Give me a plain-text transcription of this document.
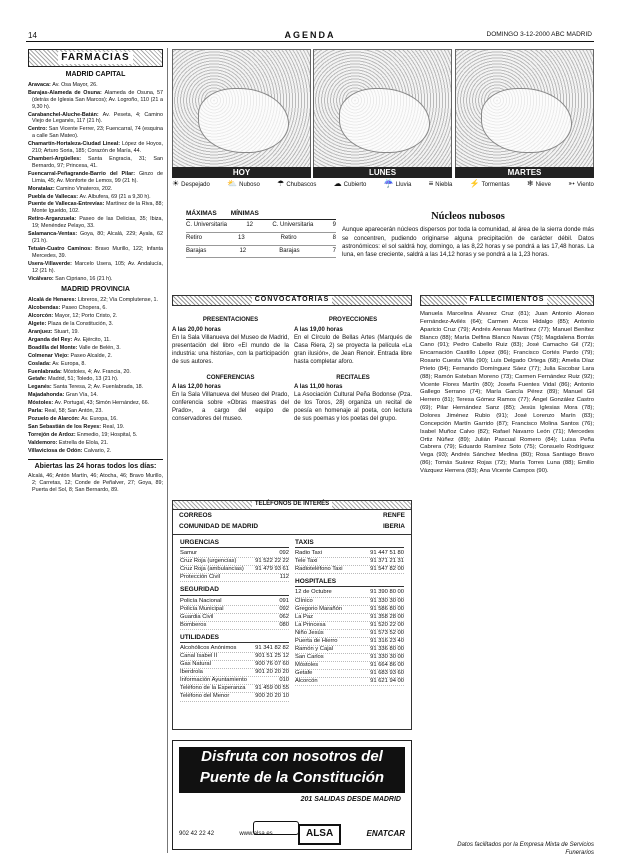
14	AGENDA	DOMINGO 3-12-2000 ABC MADRID
FARMACIAS
MADRID CAPITAL

Aravaca: Av. Osa Mayor, 26.

Barajas-Alameda de Osuna: Alameda de Osuna, 57 (detrás de Iglesia San Marcos); Av. Logroño, 110 (21 a 9,30 h).

Carabanchel-Aluche-Batán: Av. Peseta, 4; Camino Viejo de Leganés, 117 (21 h).

Centro: San Vicente Ferrer, 23; Fuencarral, 74 (esquina a calle San Mateo).

Chamartín-Hortaleza-Ciudad Lineal: López de Hoyos, 210; Arturo Soria, 185; Corazón de María, 44.

Chamberí-Argüelles: Santa Engracia, 31; San Bernardo, 97; Princesa, 41.

Fuencarral-Peñagrande-Barrio del Pilar: Ginzo de Limia, 45; Av. Monforte de Lemos, 99 (21 h).

Moratalaz: Camino Vinateros, 202.

Puebla de Vallecas: Av. Albufera, 69 (21 a 9,30 h).

Puente de Vallecas-Entrevías: Martínez de la Riva, 88; Monte Igueldo, 102.

Retiro-Arganzuela: Paseo de las Delicias, 35; Ibiza, 19; Menéndez Pelayo, 33.

Salamanca-Ventas: Goya, 80; Alcalá, 229; Ayala, 62 (21 h).

Tetuán-Cuatro Caminos: Bravo Murillo, 122; Infanta Mercedes, 39.

Usera-Villaverde: Marcelo Usera, 105; Av. Andalucía, 12 (21 h).

Vicálvaro: San Cipriano, 16 (21 h).

MADRID PROVINCIA

Alcalá de Henares: Libreros, 22; Vía Complutense, 1.

Alcobendas: Paseo Chopera, 6.

Alcorcón: Mayor, 12; Porto Cristo, 2.

Algete: Plaza de la Constitución, 3.

Aranjuez: Stuart, 19.

Arganda del Rey: Av. Ejército, 11.

Boadilla del Monte: Valle de Belén, 3.

Colmenar Viejo: Paseo Alcalde, 2.

Coslada: Av. Europa, 8.

Fuenlabrada: Móstoles, 4; Av. Francia, 20.

Getafe: Madrid, 51; Toledo, 13 (21 h).

Leganés: Santa Teresa, 2; Av. Fuenlabrada, 18.

Majadahonda: Gran Vía, 14.

Móstoles: Av. Portugal, 43; Simón Hernández, 66.

Parla: Real, 58; San Antón, 23.

Pozuelo de Alarcón: Av. Europa, 16.

San Sebastián de los Reyes: Real, 19.

Torrejón de Ardoz: Enmedio, 19; Hospital, 5.

Valdemoro: Estrella de Elola, 21.

Villaviciosa de Odón: Calvario, 2.

Abiertas las 24 horas todos los días:

Alcalá, 46; Antón Martín, 46; Atocha, 46; Bravo Murillo, 2; Carretas, 12; Conde de Peñalver, 27; Goya, 89; Puerta del Sol, 8; San Bernardo, 89.

HOY	LUNES	MARTES
☀ Despejado ⛅ Nuboso ☂ Chubascos ☁ Cubierto ☔ Lluvia ≡ Niebla ⚡ Tormentas ❄ Nieve ➳ Viento
MÁXIMAS MÍNIMAS
C. Universitaria	12	C. Universitaria	9
Retiro	13	Retiro	8
Barajas	12	Barajas	7
Núcleos nubosos

Aunque aparecerán núcleos dispersos por toda la comunidad, al área de la sierra donde más se concentren, pudiendo originarse alguna precipitación de carácter débil. Datos astronómicos: el sol saldrá hoy, domingo, a las 8,22 horas y se pondrá a las 17,48 horas. La luna, en fase creciente, saldrá a las 14,12 horas y se pondrá a la 1,23 horas.

CONVOCATORIAS	FALLECIMIENTOS
PRESENTACIONES
A las 20,00 horas
En la Sala Villanueva del Museo de Madrid, presentación del libro «El mundo de la industria: una historia», con la participación de sus autores.
CONFERENCIAS
A las 12,00 horas
En la Sala Villanueva del Museo del Prado, conferencia sobre «Obras maestras del Prado», a cargo del equipo de conservadores del museo.
PROYECCIONES
A las 19,00 horas
En el Círculo de Bellas Artes (Marqués de Casa Riera, 2) se proyecta la película «La gran ilusión», de Jean Renoir. Entrada libre hasta completar aforo.
RECITALES
A las 11,00 horas
La Asociación Cultural Peña Bodonse (Pza. de los Toros, 28) organiza un recital de poesía en homenaje al poeta, con lectura de sus poemas y los poetas del grupo.
Manuela Marcelina Álvarez Cruz (81); Juan Antonio Alonso Fernández-Avilés (64); Carmen Arcos Hidalgo (85); Antonio Aparicio Cruz (79); Andrés Arenas Martínez (77); Manuel Benítez Blanco (88); María Delfina Blanco Navas (75); Magdalena Borrás Cano (91); Pedro Cabello Ruiz (83); José Camacho Gil (72); Encarnación Castillo López (86); Francisco Cortés Pardo (79); Rosario Cuesta Villa (90); Luis Delgado Ortega (68); Amelia Díaz Prieto (84); Fernando Domínguez Sáez (77); Julia Escobar Lara (88); Ramón Esteban Moreno (73); Carmen Fernández Ruiz (92); Vicente Flores Martín (80); Josefa Fuentes Vidal (86); Antonio Gallego Serrano (74); María García Pérez (89); Manuel Gil Herrero (81); Teresa Gómez Ramos (77); Ángel González Castro (69); Pilar Hernández Sanz (85); Jesús Iglesias Mora (78); Dolores Jiménez Rubio (91); José Lorenzo Marín (83); Concepción Martín Garrido (87); Francisco Molina Santos (76); Isabel Muñoz Calvo (82); Rafael Navarro León (71); Mercedes Ortiz Núñez (89); Julián Pascual Romero (84); Luisa Peña Cabrera (79); Eduardo Ramírez Soto (75); Consuelo Rodríguez Vega (93); Andrés Sánchez Medina (80); Rosa Santiago Bravo (86); Tomás Suárez Rojas (72); María Torres Luna (88); Emilio Vázquez Herrera (83); Ana Vicente Campos (90).
TELÉFONOS DE INTERÉS
CORREOS
COMUNIDAD DE MADRID
RENFE
IBERIA
URGENCIAS
Samur	092
Cruz Roja (urgencias)	91 522 22 22
Cruz Roja (ambulancias) 91 479 93 61
Protección Civil	112
SEGURIDAD
Policía Nacional	091
Policía Municipal	092
Guardia Civil	062
Bomberos	080
UTILIDADES
Alcohólicos Anónimos	91 341 82 82
Canal Isabel II	901 51 25 12
Gas Natural	900 76 07 60
Iberdrola	901 20 20 20
Información Ayuntamiento	010
Teléfono de la Esperanza 91 459 00 55
Teléfono del Menor	900 20 20 10
TAXIS
Radio Taxi	91 447 51 80
Tele Taxi	91 371 21 31
Radioteléfono Taxi	91 547 82 00
HOSPITALES
12 de Octubre	91 390 80 00
Clínico	91 330 30 00
Gregorio Marañón	91 586 80 00
La Paz	91 358 28 00
La Princesa	91 520 22 00
Niño Jesús	91 573 52 00
Puerta de Hierro	91 316 23 40
Ramón y Cajal	91 336 80 00
San Carlos	91 330 30 00
Móstoles	91 664 86 00
Getafe	91 683 93 60
Alcorcón	91 621 94 00
Disfruta con nosotros del
Puente de la Constitución
201 SALIDAS DESDE MADRID
902 42 22 42	www.alsa.es	ALSA	ENATCAR
Datos facilitados por la Empresa Mixta de Servicios Funerarios
